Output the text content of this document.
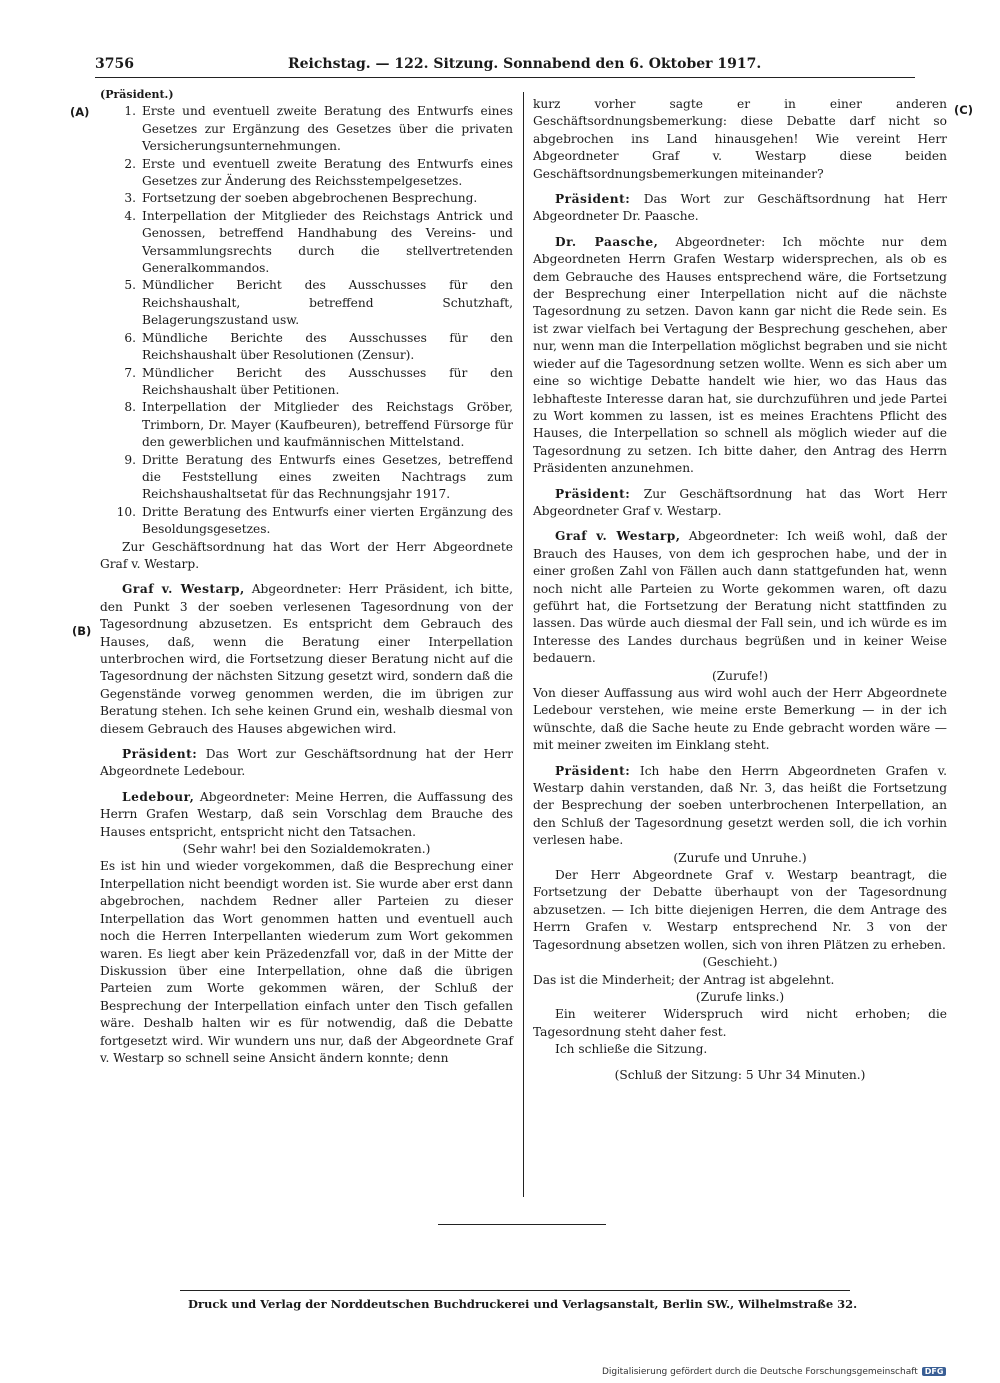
3756	Reichstag. — 122. Sitzung. Sonnabend den 6. Oktober 1917.
(A)
(B)
(C)

(Präsident.)

1. Erste und eventuell zweite Beratung des Entwurfs eines Gesetzes zur Ergänzung des Gesetzes über die privaten Versicherungsunternehmungen.
2. Erste und eventuell zweite Beratung des Entwurfs eines Gesetzes zur Änderung des Reichsstempelgesetzes.
3. Fortsetzung der soeben abgebrochenen Besprechung.
4. Interpellation der Mitglieder des Reichstags Antrick und Genossen, betreffend Handhabung des Vereins- und Versammlungsrechts durch die stellvertretenden Generalkommandos.
5. Mündlicher Bericht des Ausschusses für den Reichshaushalt, betreffend Schutzhaft, Belagerungszustand usw.
6. Mündliche Berichte des Ausschusses für den Reichshaushalt über Resolutionen (Zensur).
7. Mündlicher Bericht des Ausschusses für den Reichshaushalt über Petitionen.
8. Interpellation der Mitglieder des Reichstags Gröber, Trimborn, Dr. Mayer (Kaufbeuren), betreffend Fürsorge für den gewerblichen und kaufmännischen Mittelstand.
9. Dritte Beratung des Entwurfs eines Gesetzes, betreffend die Feststellung eines zweiten Nachtrags zum Reichshaushaltsetat für das Rechnungsjahr 1917.
10. Dritte Beratung des Entwurfs einer vierten Ergänzung des Besoldungsgesetzes.

Zur Geschäftsordnung hat das Wort der Herr Abgeordnete Graf v. Westarp.

Graf v. Westarp, Abgeordneter: Herr Präsident, ich bitte, den Punkt 3 der soeben verlesenen Tagesordnung von der Tagesordnung abzusetzen. Es entspricht dem Gebrauch des Hauses, daß, wenn die Beratung einer Interpellation unterbrochen wird, die Fortsetzung dieser Beratung nicht auf die Tagesordnung der nächsten Sitzung gesetzt wird, sondern daß die Gegenstände vorweg genommen werden, die im übrigen zur Beratung stehen. Ich sehe keinen Grund ein, weshalb diesmal von diesem Gebrauch des Hauses abgewichen wird.

Präsident: Das Wort zur Geschäftsordnung hat der Herr Abgeordnete Ledebour.

Ledebour, Abgeordneter: Meine Herren, die Auffassung des Herrn Grafen Westarp, daß sein Vorschlag dem Brauche des Hauses entspricht, entspricht nicht den Tatsachen.

(Sehr wahr! bei den Sozialdemokraten.)

Es ist hin und wieder vorgekommen, daß die Besprechung einer Interpellation nicht beendigt worden ist. Sie wurde aber erst dann abgebrochen, nachdem Redner aller Parteien zu dieser Interpellation das Wort genommen hatten und eventuell auch noch die Herren Interpellanten wiederum zum Wort gekommen waren. Es liegt aber kein Präzedenzfall vor, daß in der Mitte der Diskussion über eine Interpellation, ohne daß die übrigen Parteien zum Worte gekommen wären, der Schluß der Besprechung der Interpellation einfach unter den Tisch gefallen wäre. Deshalb halten wir es für notwendig, daß die Debatte fortgesetzt wird. Wir wundern uns nur, daß der Abgeordnete Graf v. Westarp so schnell seine Ansicht ändern konnte; denn

kurz vorher sagte er in einer anderen Geschäftsordnungsbemerkung: diese Debatte darf nicht so abgebrochen ins Land hinausgehen! Wie vereint Herr Abgeordneter Graf v. Westarp diese beiden Geschäftsordnungsbemerkungen miteinander?

Präsident: Das Wort zur Geschäftsordnung hat Herr Abgeordneter Dr. Paasche.

Dr. Paasche, Abgeordneter: Ich möchte nur dem Abgeordneten Herrn Grafen Westarp widersprechen, als ob es dem Gebrauche des Hauses entsprechend wäre, die Fortsetzung der Besprechung einer Interpellation nicht auf die nächste Tagesordnung zu setzen. Davon kann gar nicht die Rede sein. Es ist zwar vielfach bei Vertagung der Besprechung geschehen, aber nur, wenn man die Interpellation möglichst begraben und sie nicht wieder auf die Tagesordnung setzen wollte. Wenn es sich aber um eine so wichtige Debatte handelt wie hier, wo das Haus das lebhafteste Interesse daran hat, sie durchzuführen und jede Partei zu Wort kommen zu lassen, ist es meines Erachtens Pflicht des Hauses, die Interpellation so schnell als möglich wieder auf die Tagesordnung zu setzen. Ich bitte daher, den Antrag des Herrn Präsidenten anzunehmen.

Präsident: Zur Geschäftsordnung hat das Wort Herr Abgeordneter Graf v. Westarp.

Graf v. Westarp, Abgeordneter: Ich weiß wohl, daß der Brauch des Hauses, von dem ich gesprochen habe, und der in einer großen Zahl von Fällen auch dann stattgefunden hat, wenn noch nicht alle Parteien zu Worte gekommen waren, oft dazu geführt hat, die Fortsetzung der Beratung nicht stattfinden zu lassen. Das würde auch diesmal der Fall sein, und ich würde es im Interesse des Landes durchaus begrüßen und in keiner Weise bedauern.

(Zurufe!)

Von dieser Auffassung aus wird wohl auch der Herr Abgeordnete Ledebour verstehen, wie meine erste Bemerkung — in der ich wünschte, daß die Sache heute zu Ende gebracht worden wäre — mit meiner zweiten im Einklang steht.

Präsident: Ich habe den Herrn Abgeordneten Grafen v. Westarp dahin verstanden, daß Nr. 3, das heißt die Fortsetzung der Besprechung der soeben unterbrochenen Interpellation, an den Schluß der Tagesordnung gesetzt werden soll, die ich vorhin verlesen habe.

(Zurufe und Unruhe.)

Der Herr Abgeordnete Graf v. Westarp beantragt, die Fortsetzung der Debatte überhaupt von der Tagesordnung abzusetzen. — Ich bitte diejenigen Herren, die dem Antrage des Herrn Grafen v. Westarp entsprechend Nr. 3 von der Tagesordnung absetzen wollen, sich von ihren Plätzen zu erheben.

(Geschieht.)

Das ist die Minderheit; der Antrag ist abgelehnt.

(Zurufe links.)

Ein weiterer Widerspruch wird nicht erhoben; die Tagesordnung steht daher fest.

Ich schließe die Sitzung.

(Schluß der Sitzung: 5 Uhr 34 Minuten.)

Druck und Verlag der Norddeutschen Buchdruckerei und Verlagsanstalt, Berlin SW., Wilhelmstraße 32.
Digitalisierung gefördert durch die Deutsche Forschungsgemeinschaft DFG
